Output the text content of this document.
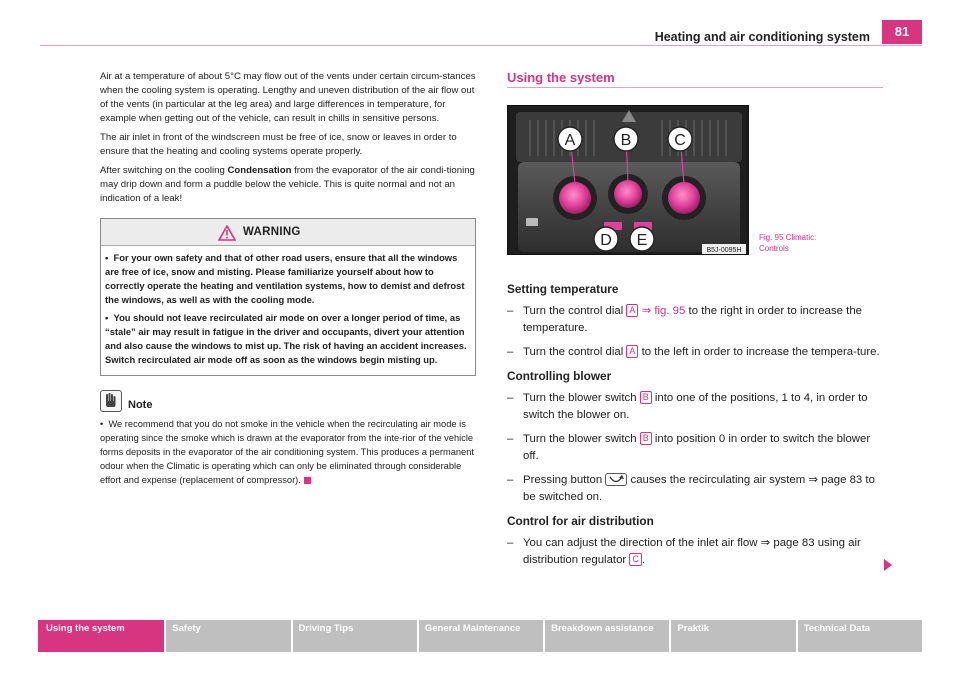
Heating and air conditioning system	81

Air at a temperature of about 5°C may flow out of the vents under certain circum-stances when the cooling system is operating. Lengthy and uneven distribution of the air flow out of the vents (in particular at the leg area) and large differences in temperature, for example when getting out of the vehicle, can result in chills in sensitive persons.

The air inlet in front of the windscreen must be free of ice, snow or leaves in order to ensure that the heating and cooling systems operate properly.

After switching on the cooling Condensation from the evaporator of the air condi-tioning may drip down and form a puddle below the vehicle. This is quite normal and not an indication of a leak!

WARNING
• For your own safety and that of other road users, ensure that all the windows are free of ice, snow and misting. Please familiarize yourself about how to correctly operate the heating and ventilation systems, how to demist and defrost the windows, as well as with the cooling mode.
• You should not leave recirculated air mode on over a longer period of time, as “stale” air may result in fatigue in the driver and occupants, divert your attention and also cause the windows to mist up. The risk of having an accident increases. Switch recirculated air mode off as soon as the windows begin misting up.
Note
• We recommend that you do not smoke in the vehicle when the recirculating air mode is operating since the smoke which is drawn at the evaporator from the inte-rior of the vehicle forms deposits in the evaporator of the air conditioning system. This produces a permanent odour when the Climatic is operating which can only be eliminated through considerable effort and expense (replacement of compressor).
Using the system
A	B	C
D E
B5J-0095H
Fig. 95 Climatic:
Controls
Setting temperature
– Turn the control dial A ⇒ fig. 95 to the right in order to increase the temperature.
– Turn the control dial A to the left in order to increase the tempera-ture.
Controlling blower
– Turn the blower switch B into one of the positions, 1 to 4, in order to switch the blower on.
– Turn the blower switch B into position 0 in order to switch the blower off.
– Pressing button  causes the recirculating air system ⇒ page 83 to be switched on.
Control for air distribution
– You can adjust the direction of the inlet air flow ⇒ page 83 using air distribution regulator C .
Using the system	Safety	Driving Tips	General Maintenance	Breakdown assistance	Praktik	Technical Data
